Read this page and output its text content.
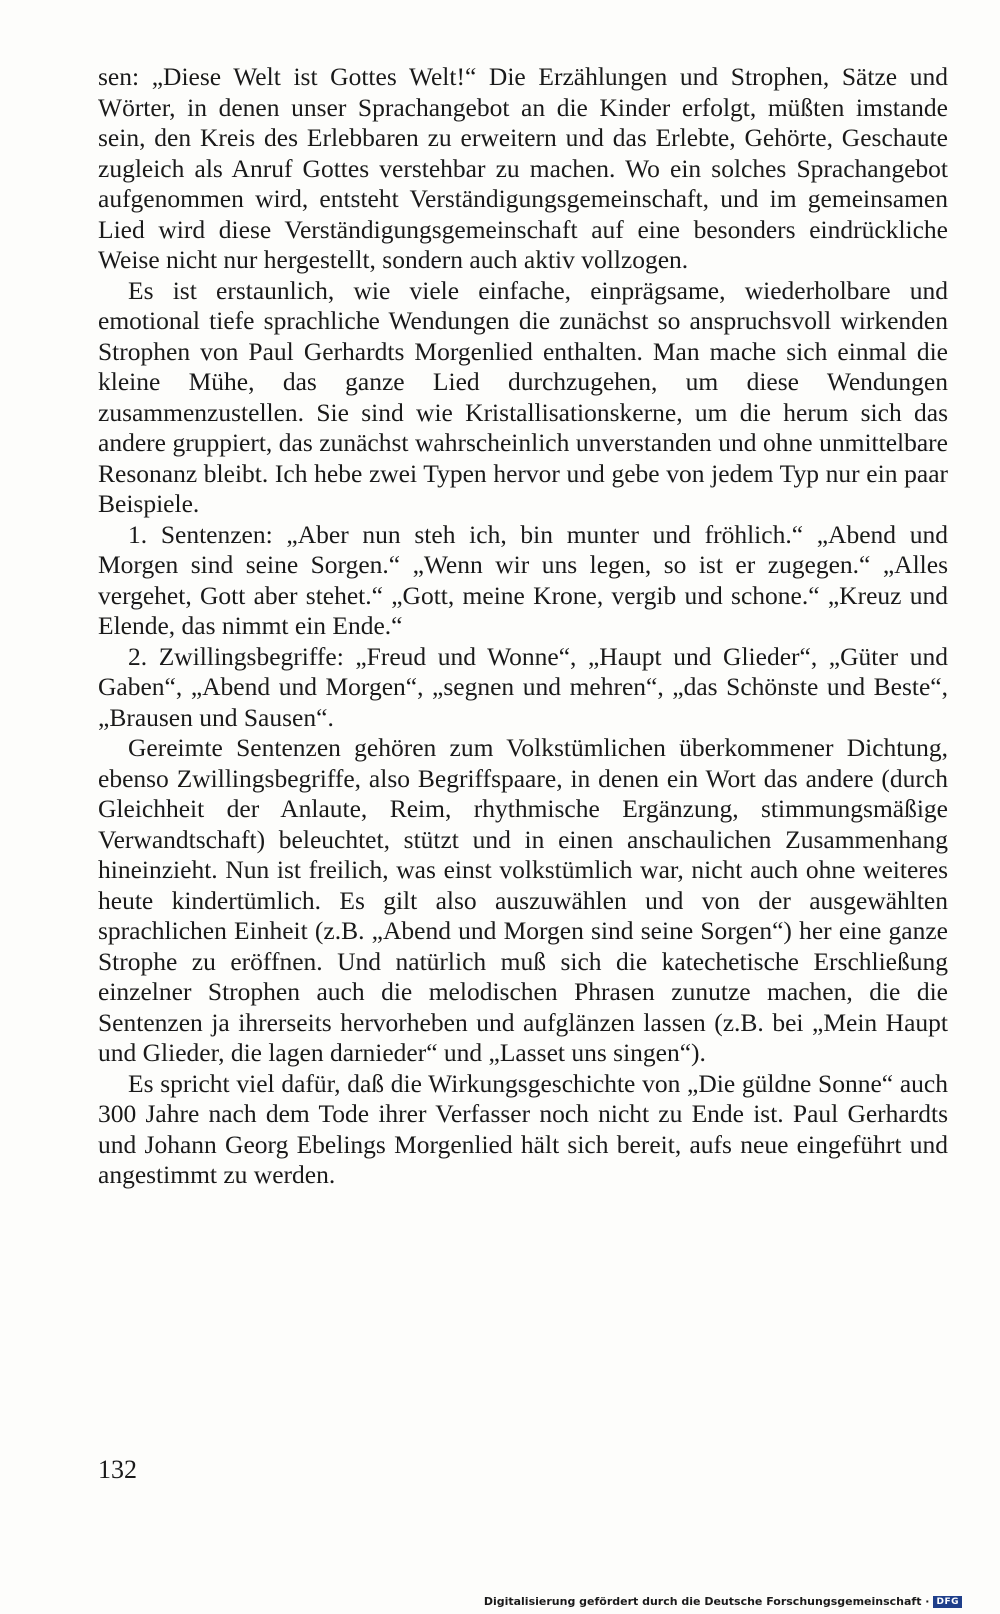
sen: „Diese Welt ist Gottes Welt!“ Die Erzählungen und Strophen, Sätze und Wörter, in denen unser Sprachangebot an die Kinder erfolgt, müßten imstande sein, den Kreis des Erlebbaren zu erweitern und das Erlebte, Gehörte, Geschaute zugleich als Anruf Gottes verstehbar zu machen. Wo ein solches Sprachangebot aufgenommen wird, entsteht Verständigungsgemeinschaft, und im gemeinsamen Lied wird diese Verständigungsgemeinschaft auf eine besonders eindrückliche Weise nicht nur hergestellt, sondern auch aktiv vollzogen.

Es ist erstaunlich, wie viele einfache, einprägsame, wiederholbare und emotional tiefe sprachliche Wendungen die zunächst so anspruchsvoll wirkenden Strophen von Paul Gerhardts Morgenlied enthalten. Man mache sich einmal die kleine Mühe, das ganze Lied durchzugehen, um diese Wendungen zusammenzustellen. Sie sind wie Kristallisationskerne, um die herum sich das andere gruppiert, das zunächst wahrscheinlich unverstanden und ohne unmittelbare Resonanz bleibt. Ich hebe zwei Typen hervor und gebe von jedem Typ nur ein paar Beispiele.

1. Sentenzen: „Aber nun steh ich, bin munter und fröhlich.“ „Abend und Morgen sind seine Sorgen.“ „Wenn wir uns legen, so ist er zugegen.“ „Alles vergehet, Gott aber stehet.“ „Gott, meine Krone, vergib und schone.“ „Kreuz und Elende, das nimmt ein Ende.“

2. Zwillingsbegriffe: „Freud und Wonne“, „Haupt und Glieder“, „Güter und Gaben“, „Abend und Morgen“, „segnen und mehren“, „das Schönste und Beste“, „Brausen und Sausen“.

Gereimte Sentenzen gehören zum Volkstümlichen überkommener Dichtung, ebenso Zwillingsbegriffe, also Begriffspaare, in denen ein Wort das andere (durch Gleichheit der Anlaute, Reim, rhythmische Ergänzung, stimmungsmäßige Verwandtschaft) beleuchtet, stützt und in einen anschaulichen Zusammenhang hineinzieht. Nun ist freilich, was einst volkstümlich war, nicht auch ohne weiteres heute kindertümlich. Es gilt also auszuwählen und von der ausgewählten sprachlichen Einheit (z.B. „Abend und Morgen sind seine Sorgen“) her eine ganze Strophe zu eröffnen. Und natürlich muß sich die katechetische Erschließung einzelner Strophen auch die melodischen Phrasen zunutze machen, die die Sentenzen ja ihrerseits hervorheben und aufglänzen lassen (z.B. bei „Mein Haupt und Glieder, die lagen darnieder“ und „Lasset uns singen“).

Es spricht viel dafür, daß die Wirkungsgeschichte von „Die güldne Sonne“ auch 300 Jahre nach dem Tode ihrer Verfasser noch nicht zu Ende ist. Paul Gerhardts und Johann Georg Ebelings Morgenlied hält sich bereit, aufs neue eingeführt und angestimmt zu werden.

132
Digitalisierung gefördert durch die Deutsche Forschungsgemeinschaft · DFG
